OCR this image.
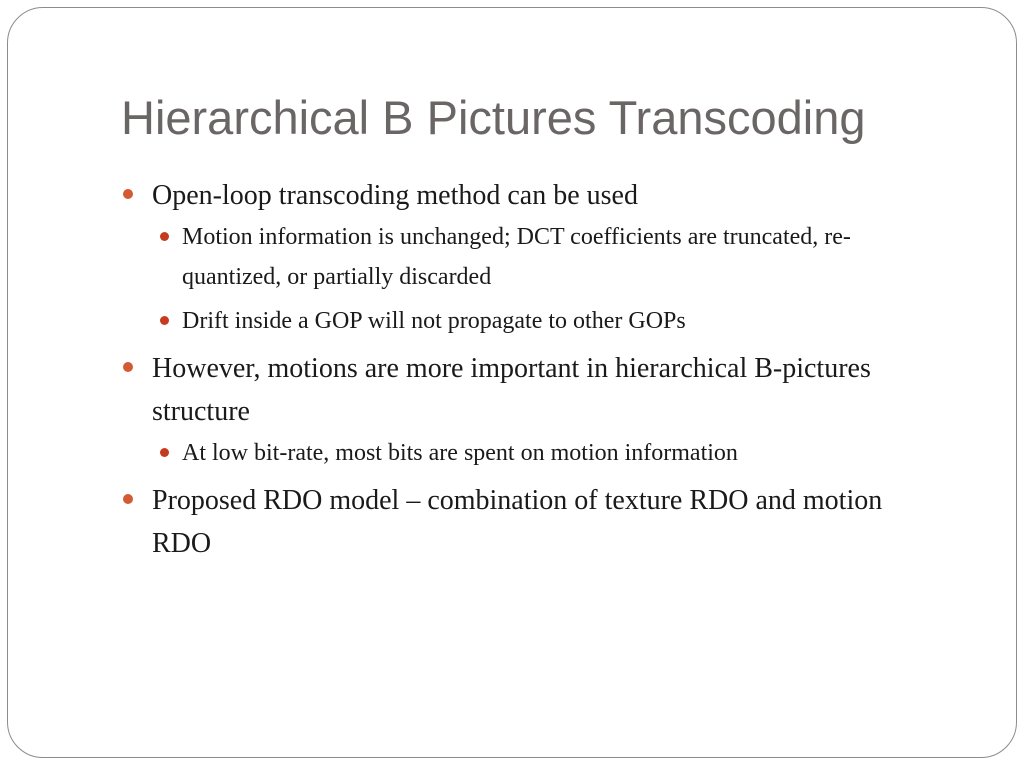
Hierarchical B Pictures Transcoding
Open-loop transcoding method can be used
Motion information is unchanged; DCT coefficients are truncated, re-quantized, or partially discarded
Drift inside a GOP will not propagate to other GOPs
However, motions are more important in hierarchical B-pictures structure
At low bit-rate, most bits are spent on motion information
Proposed RDO model – combination of texture RDO and motion RDO
